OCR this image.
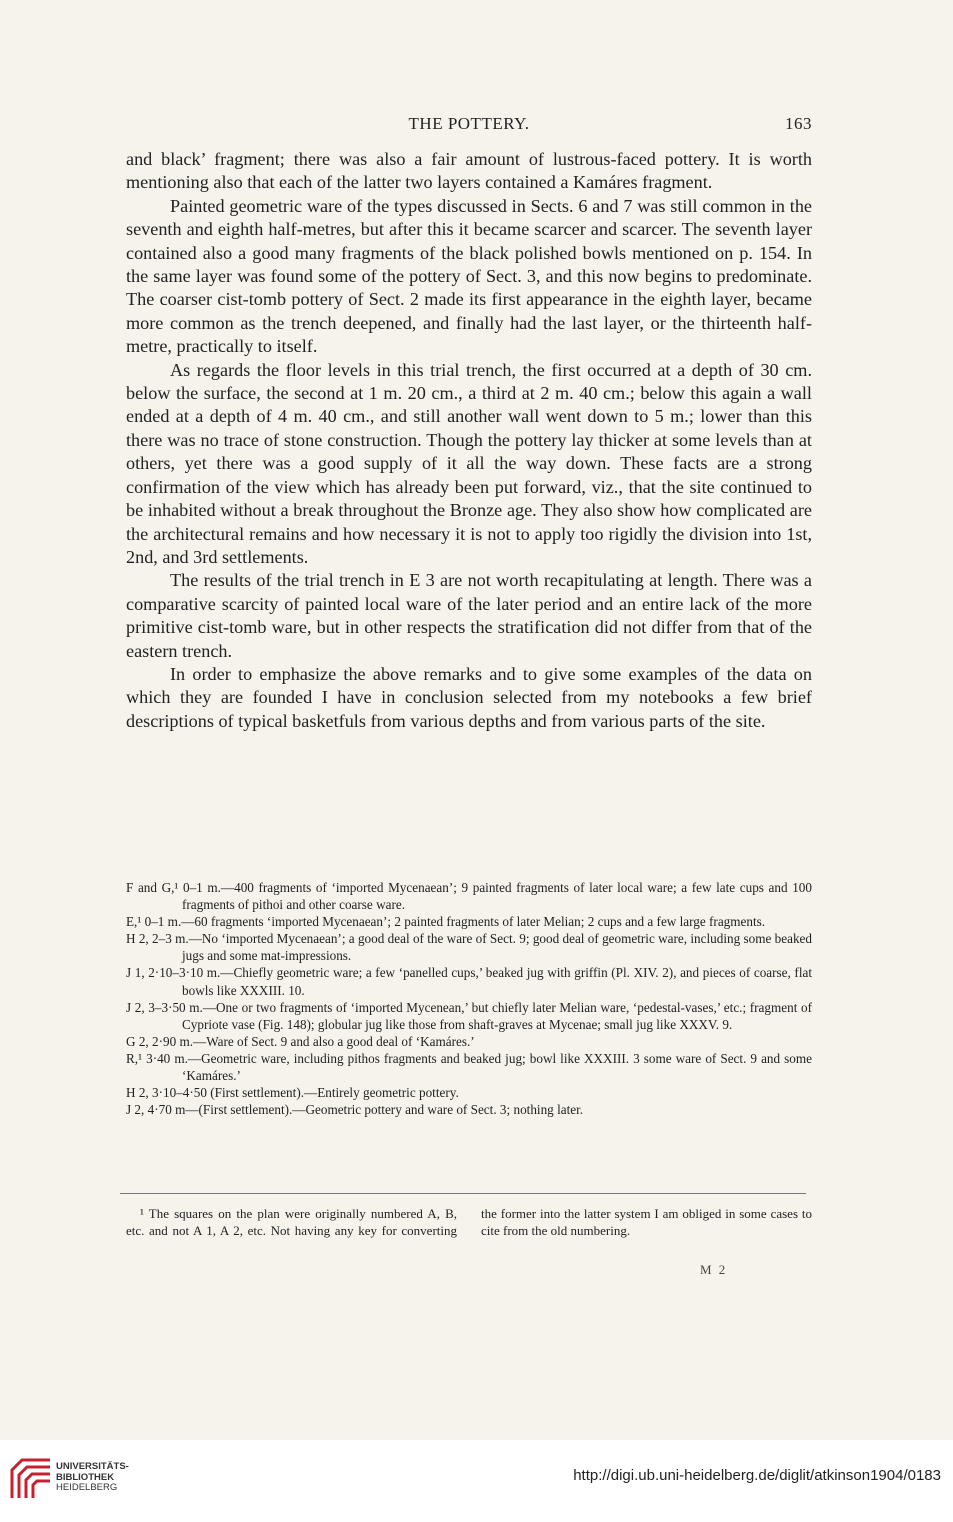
THE POTTERY.	163

and black’ fragment; there was also a fair amount of lustrous-faced pottery. It is worth mentioning also that each of the latter two layers contained a Kamáres fragment.

Painted geometric ware of the types discussed in Sects. 6 and 7 was still common in the seventh and eighth half-metres, but after this it became scarcer and scarcer. The seventh layer contained also a good many fragments of the black polished bowls mentioned on p. 154. In the same layer was found some of the pottery of Sect. 3, and this now begins to predominate. The coarser cist-tomb pottery of Sect. 2 made its first appearance in the eighth layer, became more common as the trench deepened, and finally had the last layer, or the thirteenth half-metre, practically to itself.

As regards the floor levels in this trial trench, the first occurred at a depth of 30 cm. below the surface, the second at 1 m. 20 cm., a third at 2 m. 40 cm.; below this again a wall ended at a depth of 4 m. 40 cm., and still another wall went down to 5 m.; lower than this there was no trace of stone construction. Though the pottery lay thicker at some levels than at others, yet there was a good supply of it all the way down. These facts are a strong confirmation of the view which has already been put forward, viz., that the site continued to be inhabited without a break throughout the Bronze age. They also show how complicated are the architectural remains and how necessary it is not to apply too rigidly the division into 1st, 2nd, and 3rd settlements.

The results of the trial trench in E 3 are not worth recapitulating at length. There was a comparative scarcity of painted local ware of the later period and an entire lack of the more primitive cist-tomb ware, but in other respects the stratification did not differ from that of the eastern trench.

In order to emphasize the above remarks and to give some examples of the data on which they are founded I have in conclusion selected from my notebooks a few brief descriptions of typical basketfuls from various depths and from various parts of the site.

F and G,¹ 0–1 m.—400 fragments of ‘imported Mycenaean’; 9 painted fragments of later local ware; a few late cups and 100 fragments of pithoi and other coarse ware.

E,¹ 0–1 m.—60 fragments ‘imported Mycenaean’; 2 painted fragments of later Melian; 2 cups and a few large fragments.

H 2, 2–3 m.—No ‘imported Mycenaean’; a good deal of the ware of Sect. 9; good deal of geometric ware, including some beaked jugs and some mat-impressions.

J 1, 2·10–3·10 m.—Chiefly geometric ware; a few ‘panelled cups,’ beaked jug with griffin (Pl. XIV. 2), and pieces of coarse, flat bowls like XXXIII. 10.

J 2, 3–3·50 m.—One or two fragments of ‘imported Mycenean,’ but chiefly later Melian ware, ‘pedestal-vases,’ etc.; fragment of Cypriote vase (Fig. 148); globular jug like those from shaft-graves at Mycenae; small jug like XXXV. 9.

G 2, 2·90 m.—Ware of Sect. 9 and also a good deal of ‘Kamáres.’

R,¹ 3·40 m.—Geometric ware, including pithos fragments and beaked jug; bowl like XXXIII. 3 some ware of Sect. 9 and some ‘Kamáres.’

H 2, 3·10–4·50 (First settlement).—Entirely geometric pottery.

J 2, 4·70 m—(First settlement).—Geometric pottery and ware of Sect. 3; nothing later.

¹ The squares on the plan were originally numbered A, B, etc. and not A 1, A 2, etc. Not having any key for converting the former into the latter system I am obliged in some cases to cite from the old numbering.

M 2
UNIVERSITÄTS-
BIBLIOTHEK
HEIDELBERG
http://digi.ub.uni-heidelberg.de/diglit/atkinson1904/0183
